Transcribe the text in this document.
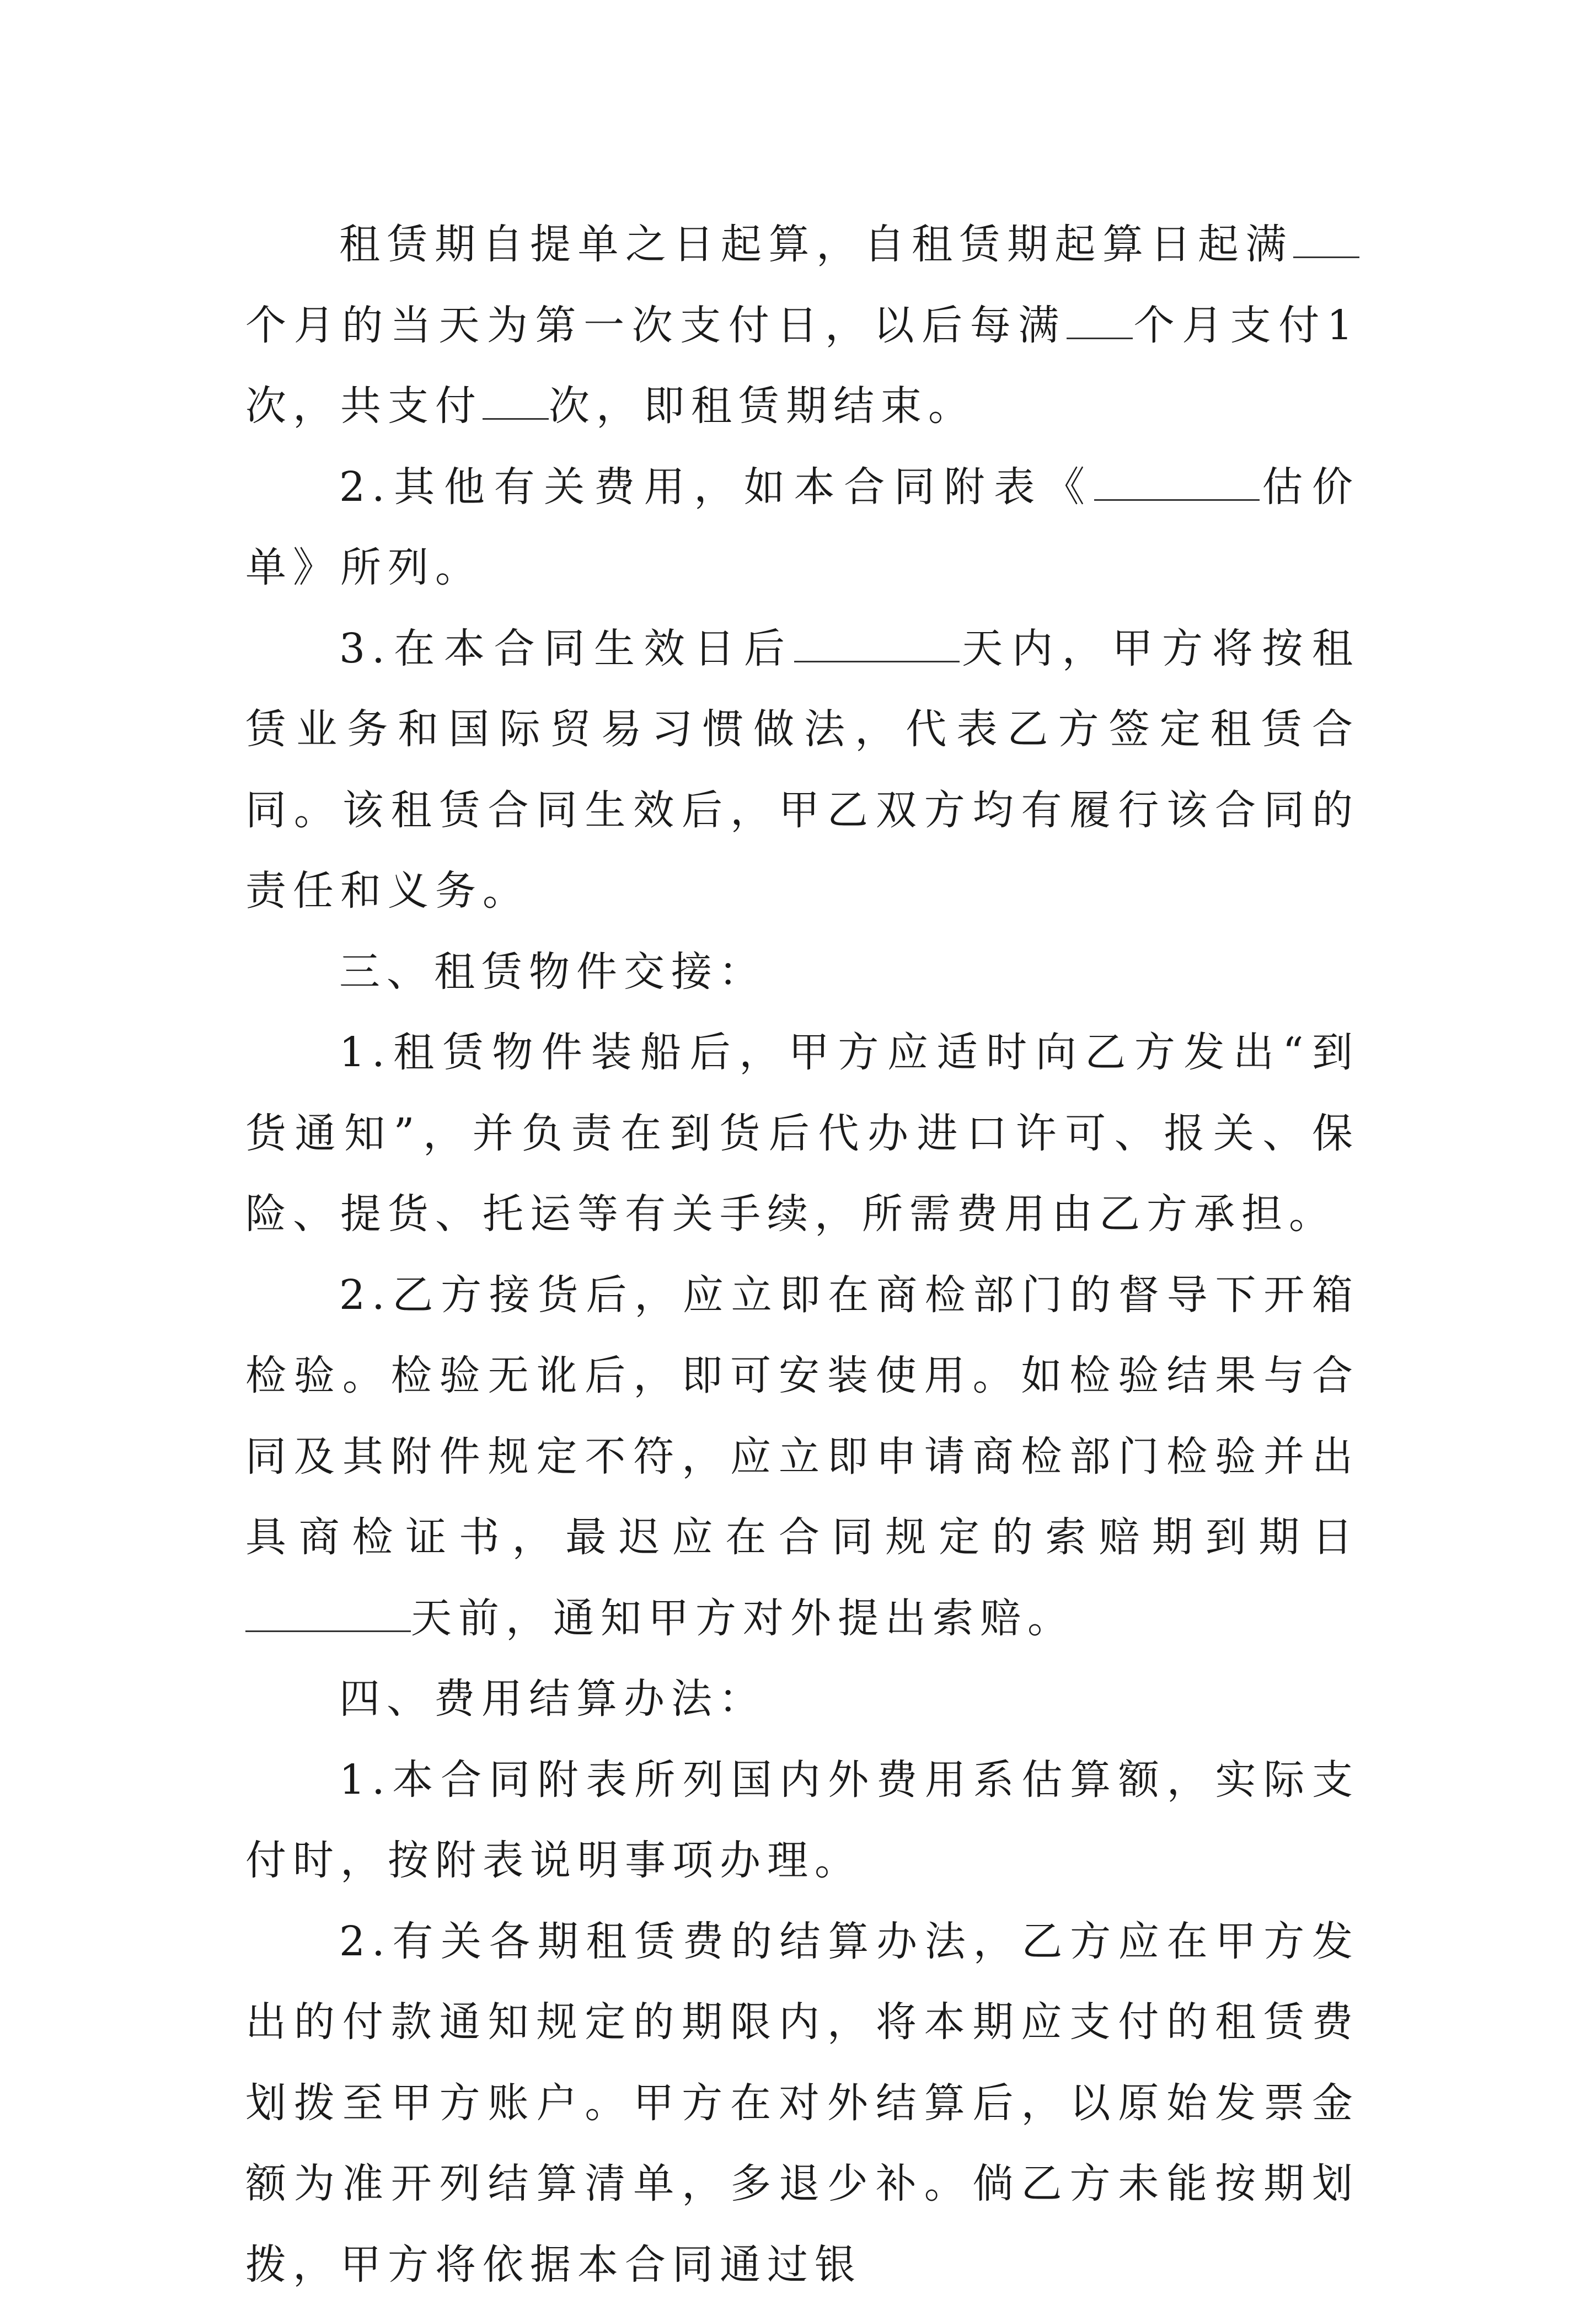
租赁期自提单之日起算，自租赁期起算日起满个月的当天为第一次支付日，以后每满 个月支付1次，共支付 次，即租赁期结束。

2.其他有关费用，如本合同附表《	估价单》所列。

3.在本合同生效日后	天内，甲方将按租赁业务和国际贸易习惯做法，代表乙方签定租赁合同。该租赁合同生效后，甲乙双方均有履行该合同的责任和义务。

三、租赁物件交接：

1.租赁物件装船后，甲方应适时向乙方发出“到货通知”，并负责在到货后代办进口许可、报关、保险、提货、托运等有关手续，所需费用由乙方承担。

2.乙方接货后，应立即在商检部门的督导下开箱检验。检验无讹后，即可安装使用。如检验结果与合同及其附件规定不符，应立即申请商检部门检验并出具商检证书，最迟应在合同规定的索赔期到期日天前，通知甲方对外提出索赔。

四、费用结算办法：

1.本合同附表所列国内外费用系估算额，实际支付时，按附表说明事项办理。

2.有关各期租赁费的结算办法，乙方应在甲方发出的付款通知规定的期限内，将本期应支付的租赁费划拨至甲方账户。甲方在对外结算后，以原始发票金额为准开列结算清单，多退少补。倘乙方未能按期划拨，甲方将依据本合同通过银
